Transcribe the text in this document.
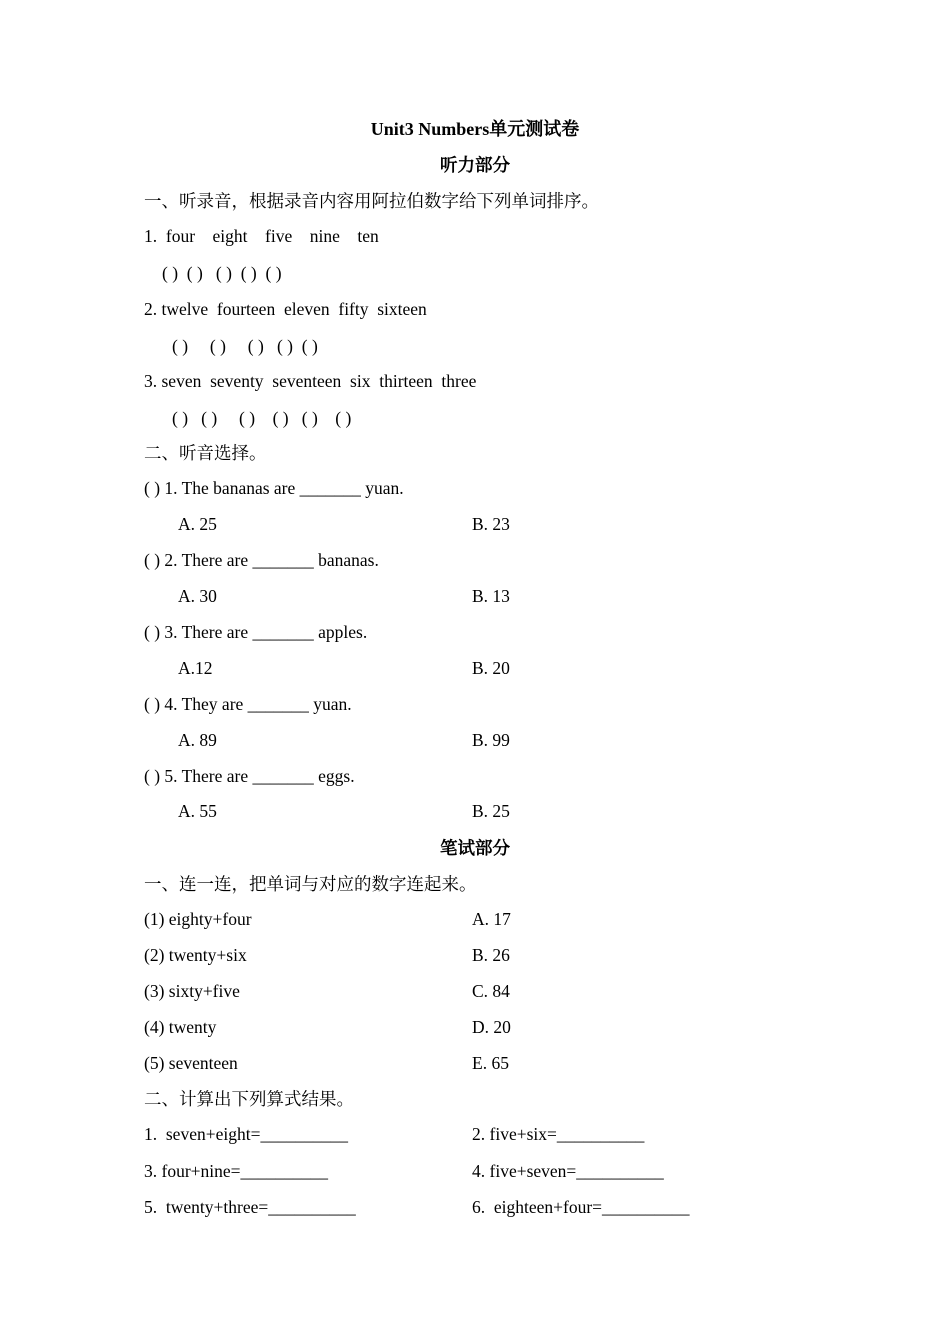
Unit3 Numbers单元测试卷
听力部分
一、听录音，根据录音内容用阿拉伯数字给下列单词排序。
1.  four    eight    five    nine    ten
( )  ( )   ( )  ( )  ( )
2. twelve  fourteen  eleven  fifty  sixteen
( )     ( )     ( )   ( )  ( )
3. seven  seventy  seventeen  six  thirteen  three
( )   ( )     ( )    ( )   ( )    ( )
二、听音选择。
( ) 1. The bananas are _______ yuan.
A. 25	B. 23
( ) 2. There are _______ bananas.
A. 30	B. 13
( ) 3. There are _______ apples.
A.12	B. 20
( ) 4. They are _______ yuan.
A. 89	B. 99
( ) 5. There are _______ eggs.
A. 55	B. 25
笔试部分
一、连一连，把单词与对应的数字连起来。
(1) eighty+four	A. 17
(2) twenty+six	B. 26
(3) sixty+five	C. 84
(4) twenty	D. 20
(5) seventeen	E. 65
二、计算出下列算式结果。
1.  seven+eight=__________	2. five+six=__________
3. four+nine=__________	4. five+seven=__________
5.  twenty+three=__________	6.  eighteen+four=__________
